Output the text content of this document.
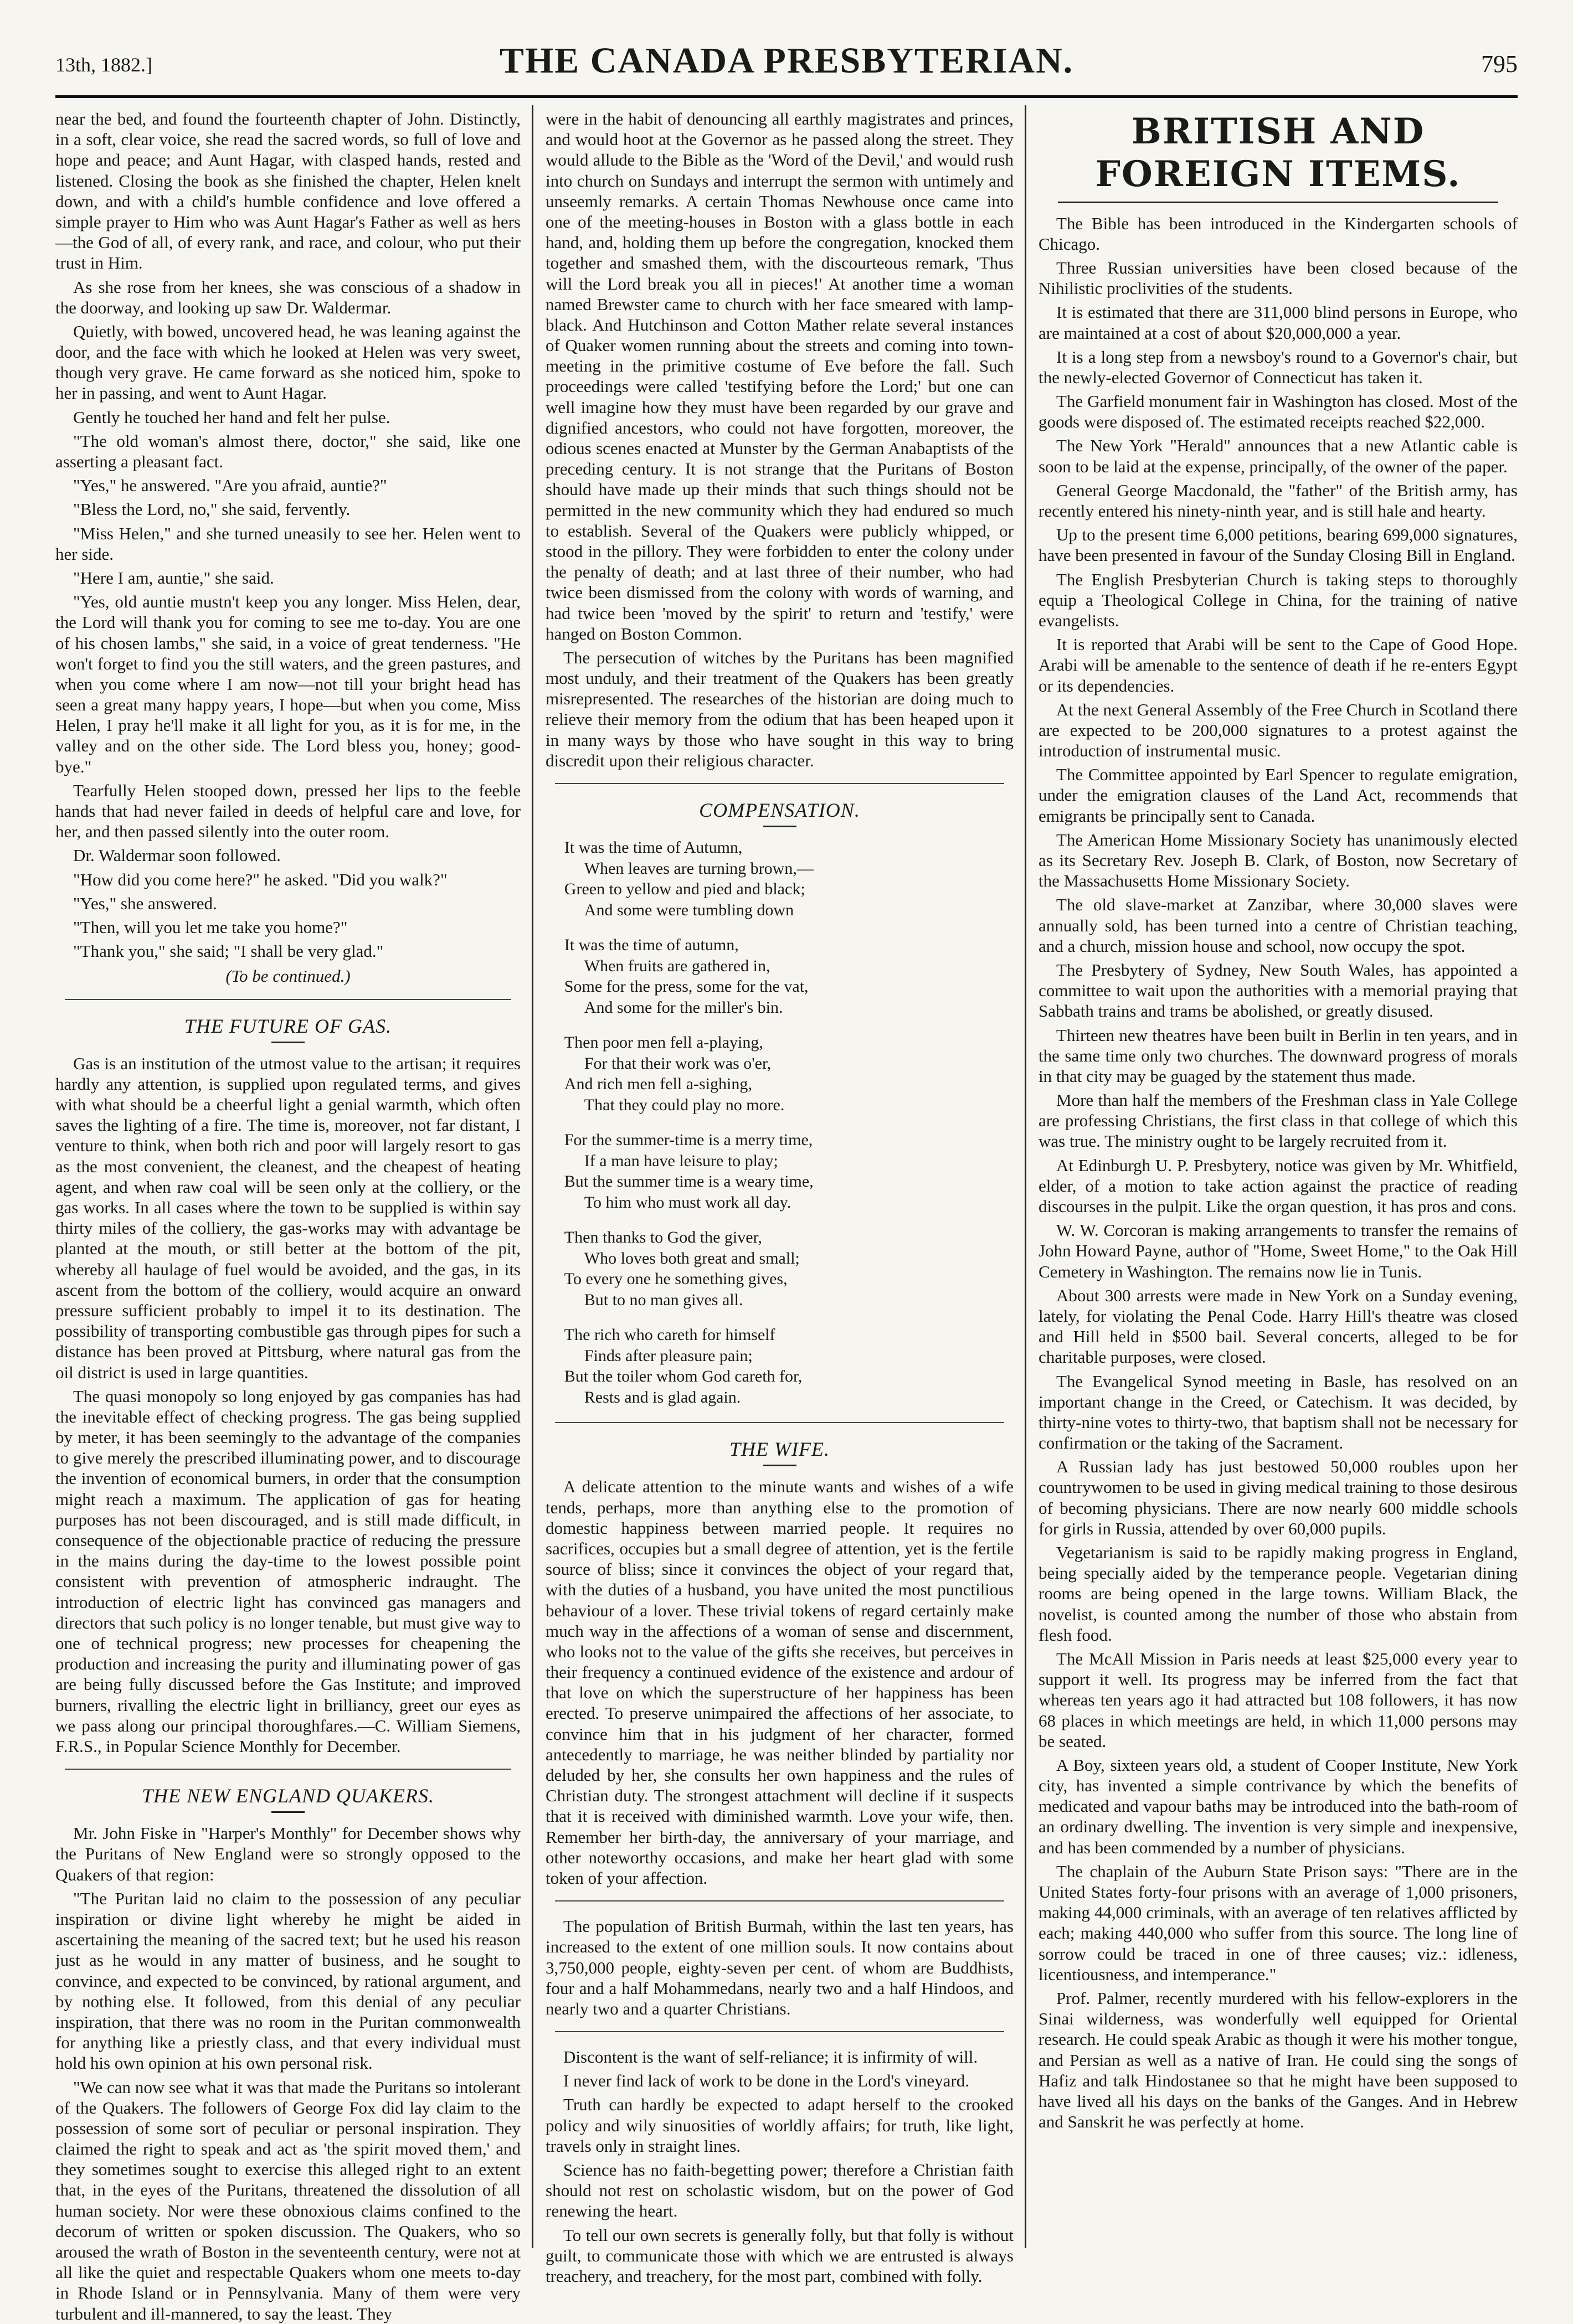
13th, 1882.]	THE CANADA PRESBYTERIAN.	795

near the bed, and found the fourteenth chapter of John. Distinctly, in a soft, clear voice, she read the sacred words, so full of love and hope and peace; and Aunt Hagar, with clasped hands, rested and listened. Closing the book as she finished the chapter, Helen knelt down, and with a child's humble confidence and love offered a simple prayer to Him who was Aunt Hagar's Father as well as hers—the God of all, of every rank, and race, and colour, who put their trust in Him.

As she rose from her knees, she was conscious of a shadow in the doorway, and looking up saw Dr. Waldermar.

Quietly, with bowed, uncovered head, he was leaning against the door, and the face with which he looked at Helen was very sweet, though very grave. He came forward as she noticed him, spoke to her in passing, and went to Aunt Hagar.

Gently he touched her hand and felt her pulse.

"The old woman's almost there, doctor," she said, like one asserting a pleasant fact.

"Yes," he answered. "Are you afraid, auntie?"

"Bless the Lord, no," she said, fervently.

"Miss Helen," and she turned uneasily to see her. Helen went to her side.

"Here I am, auntie," she said.

"Yes, old auntie mustn't keep you any longer. Miss Helen, dear, the Lord will thank you for coming to see me to-day. You are one of his chosen lambs," she said, in a voice of great tenderness. "He won't forget to find you the still waters, and the green pastures, and when you come where I am now—not till your bright head has seen a great many happy years, I hope—but when you come, Miss Helen, I pray he'll make it all light for you, as it is for me, in the valley and on the other side. The Lord bless you, honey; good-bye."

Tearfully Helen stooped down, pressed her lips to the feeble hands that had never failed in deeds of helpful care and love, for her, and then passed silently into the outer room.

Dr. Waldermar soon followed.

"How did you come here?" he asked. "Did you walk?"

"Yes," she answered.

"Then, will you let me take you home?"

"Thank you," she said; "I shall be very glad."

(To be continued.)

THE FUTURE OF GAS.

Gas is an institution of the utmost value to the artisan; it requires hardly any attention, is supplied upon regulated terms, and gives with what should be a cheerful light a genial warmth, which often saves the lighting of a fire. The time is, moreover, not far distant, I venture to think, when both rich and poor will largely resort to gas as the most convenient, the cleanest, and the cheapest of heating agent, and when raw coal will be seen only at the colliery, or the gas works. In all cases where the town to be supplied is within say thirty miles of the colliery, the gas-works may with advantage be planted at the mouth, or still better at the bottom of the pit, whereby all haulage of fuel would be avoided, and the gas, in its ascent from the bottom of the colliery, would acquire an onward pressure sufficient probably to impel it to its destination. The possibility of transporting combustible gas through pipes for such a distance has been proved at Pittsburg, where natural gas from the oil district is used in large quantities.

The quasi monopoly so long enjoyed by gas companies has had the inevitable effect of checking progress. The gas being supplied by meter, it has been seemingly to the advantage of the companies to give merely the prescribed illuminating power, and to discourage the invention of economical burners, in order that the consumption might reach a maximum. The application of gas for heating purposes has not been discouraged, and is still made difficult, in consequence of the objectionable practice of reducing the pressure in the mains during the day-time to the lowest possible point consistent with prevention of atmospheric indraught. The introduction of electric light has convinced gas managers and directors that such policy is no longer tenable, but must give way to one of technical progress; new processes for cheapening the production and increasing the purity and illuminating power of gas are being fully discussed before the Gas Institute; and improved burners, rivalling the electric light in brilliancy, greet our eyes as we pass along our principal thoroughfares.—C. William Siemens, F.R.S., in Popular Science Monthly for December.

THE NEW ENGLAND QUAKERS.

Mr. John Fiske in "Harper's Monthly" for December shows why the Puritans of New England were so strongly opposed to the Quakers of that region:

"The Puritan laid no claim to the possession of any peculiar inspiration or divine light whereby he might be aided in ascertaining the meaning of the sacred text; but he used his reason just as he would in any matter of business, and he sought to convince, and expected to be convinced, by rational argument, and by nothing else. It followed, from this denial of any peculiar inspiration, that there was no room in the Puritan commonwealth for anything like a priestly class, and that every individual must hold his own opinion at his own personal risk.

"We can now see what it was that made the Puritans so intolerant of the Quakers. The followers of George Fox did lay claim to the possession of some sort of peculiar or personal inspiration. They claimed the right to speak and act as 'the spirit moved them,' and they sometimes sought to exercise this alleged right to an extent that, in the eyes of the Puritans, threatened the dissolution of all human society. Nor were these obnoxious claims confined to the decorum of written or spoken discussion. The Quakers, who so aroused the wrath of Boston in the seventeenth century, were not at all like the quiet and respectable Quakers whom one meets to-day in Rhode Island or in Pennsylvania. Many of them were very turbulent and ill-mannered, to say the least. They

were in the habit of denouncing all earthly magistrates and princes, and would hoot at the Governor as he passed along the street. They would allude to the Bible as the 'Word of the Devil,' and would rush into church on Sundays and interrupt the sermon with untimely and unseemly remarks. A certain Thomas Newhouse once came into one of the meeting-houses in Boston with a glass bottle in each hand, and, holding them up before the congregation, knocked them together and smashed them, with the discourteous remark, 'Thus will the Lord break you all in pieces!' At another time a woman named Brewster came to church with her face smeared with lamp-black. And Hutchinson and Cotton Mather relate several instances of Quaker women running about the streets and coming into town-meeting in the primitive costume of Eve before the fall. Such proceedings were called 'testifying before the Lord;' but one can well imagine how they must have been regarded by our grave and dignified ancestors, who could not have forgotten, moreover, the odious scenes enacted at Munster by the German Anabaptists of the preceding century. It is not strange that the Puritans of Boston should have made up their minds that such things should not be permitted in the new community which they had endured so much to establish. Several of the Quakers were publicly whipped, or stood in the pillory. They were forbidden to enter the colony under the penalty of death; and at last three of their number, who had twice been dismissed from the colony with words of warning, and had twice been 'moved by the spirit' to return and 'testify,' were hanged on Boston Common.

The persecution of witches by the Puritans has been magnified most unduly, and their treatment of the Quakers has been greatly misrepresented. The researches of the historian are doing much to relieve their memory from the odium that has been heaped upon it in many ways by those who have sought in this way to bring discredit upon their religious character.

COMPENSATION.
It was the time of Autumn,
When leaves are turning brown,—
Green to yellow and pied and black;
And some were tumbling down
It was the time of autumn,
When fruits are gathered in,
Some for the press, some for the vat,
And some for the miller's bin.
Then poor men fell a-playing,
For that their work was o'er,
And rich men fell a-sighing,
That they could play no more.
For the summer-time is a merry time,
If a man have leisure to play;
But the summer time is a weary time,
To him who must work all day.
Then thanks to God the giver,
Who loves both great and small;
To every one he something gives,
But to no man gives all.
The rich who careth for himself
Finds after pleasure pain;
But the toiler whom God careth for,
Rests and is glad again.
THE WIFE.

A delicate attention to the minute wants and wishes of a wife tends, perhaps, more than anything else to the promotion of domestic happiness between married people. It requires no sacrifices, occupies but a small degree of attention, yet is the fertile source of bliss; since it convinces the object of your regard that, with the duties of a husband, you have united the most punctilious behaviour of a lover. These trivial tokens of regard certainly make much way in the affections of a woman of sense and discernment, who looks not to the value of the gifts she receives, but perceives in their frequency a continued evidence of the existence and ardour of that love on which the superstructure of her happiness has been erected. To preserve unimpaired the affections of her associate, to convince him that in his judgment of her character, formed antecedently to marriage, he was neither blinded by partiality nor deluded by her, she consults her own happiness and the rules of Christian duty. The strongest attachment will decline if it suspects that it is received with diminished warmth. Love your wife, then. Remember her birth-day, the anniversary of your marriage, and other noteworthy occasions, and make her heart glad with some token of your affection.

The population of British Burmah, within the last ten years, has increased to the extent of one million souls. It now contains about 3,750,000 people, eighty-seven per cent. of whom are Buddhists, four and a half Mohammedans, nearly two and a half Hindoos, and nearly two and a quarter Christians.

Discontent is the want of self-reliance; it is infirmity of will.

I never find lack of work to be done in the Lord's vineyard.

Truth can hardly be expected to adapt herself to the crooked policy and wily sinuosities of worldly affairs; for truth, like light, travels only in straight lines.

Science has no faith-begetting power; therefore a Christian faith should not rest on scholastic wisdom, but on the power of God renewing the heart.

To tell our own secrets is generally folly, but that folly is without guilt, to communicate those with which we are entrusted is always treachery, and treachery, for the most part, combined with folly.

BRITISH AND FOREIGN ITEMS.

The Bible has been introduced in the Kindergarten schools of Chicago.

Three Russian universities have been closed because of the Nihilistic proclivities of the students.

It is estimated that there are 311,000 blind persons in Europe, who are maintained at a cost of about $20,000,000 a year.

It is a long step from a newsboy's round to a Governor's chair, but the newly-elected Governor of Connecticut has taken it.

The Garfield monument fair in Washington has closed. Most of the goods were disposed of. The estimated receipts reached $22,000.

The New York "Herald" announces that a new Atlantic cable is soon to be laid at the expense, principally, of the owner of the paper.

General George Macdonald, the "father" of the British army, has recently entered his ninety-ninth year, and is still hale and hearty.

Up to the present time 6,000 petitions, bearing 699,000 signatures, have been presented in favour of the Sunday Closing Bill in England.

The English Presbyterian Church is taking steps to thoroughly equip a Theological College in China, for the training of native evangelists.

It is reported that Arabi will be sent to the Cape of Good Hope. Arabi will be amenable to the sentence of death if he re-enters Egypt or its dependencies.

At the next General Assembly of the Free Church in Scotland there are expected to be 200,000 signatures to a protest against the introduction of instrumental music.

The Committee appointed by Earl Spencer to regulate emigration, under the emigration clauses of the Land Act, recommends that emigrants be principally sent to Canada.

The American Home Missionary Society has unanimously elected as its Secretary Rev. Joseph B. Clark, of Boston, now Secretary of the Massachusetts Home Missionary Society.

The old slave-market at Zanzibar, where 30,000 slaves were annually sold, has been turned into a centre of Christian teaching, and a church, mission house and school, now occupy the spot.

The Presbytery of Sydney, New South Wales, has appointed a committee to wait upon the authorities with a memorial praying that Sabbath trains and trams be abolished, or greatly disused.

Thirteen new theatres have been built in Berlin in ten years, and in the same time only two churches. The downward progress of morals in that city may be guaged by the statement thus made.

More than half the members of the Freshman class in Yale College are professing Christians, the first class in that college of which this was true. The ministry ought to be largely recruited from it.

At Edinburgh U. P. Presbytery, notice was given by Mr. Whitfield, elder, of a motion to take action against the practice of reading discourses in the pulpit. Like the organ question, it has pros and cons.

W. W. Corcoran is making arrangements to transfer the remains of John Howard Payne, author of "Home, Sweet Home," to the Oak Hill Cemetery in Washington. The remains now lie in Tunis.

About 300 arrests were made in New York on a Sunday evening, lately, for violating the Penal Code. Harry Hill's theatre was closed and Hill held in $500 bail. Several concerts, alleged to be for charitable purposes, were closed.

The Evangelical Synod meeting in Basle, has resolved on an important change in the Creed, or Catechism. It was decided, by thirty-nine votes to thirty-two, that baptism shall not be necessary for confirmation or the taking of the Sacrament.

A Russian lady has just bestowed 50,000 roubles upon her countrywomen to be used in giving medical training to those desirous of becoming physicians. There are now nearly 600 middle schools for girls in Russia, attended by over 60,000 pupils.

Vegetarianism is said to be rapidly making progress in England, being specially aided by the temperance people. Vegetarian dining rooms are being opened in the large towns. William Black, the novelist, is counted among the number of those who abstain from flesh food.

The McAll Mission in Paris needs at least $25,000 every year to support it well. Its progress may be inferred from the fact that whereas ten years ago it had attracted but 108 followers, it has now 68 places in which meetings are held, in which 11,000 persons may be seated.

A Boy, sixteen years old, a student of Cooper Institute, New York city, has invented a simple contrivance by which the benefits of medicated and vapour baths may be introduced into the bath-room of an ordinary dwelling. The invention is very simple and inexpensive, and has been commended by a number of physicians.

The chaplain of the Auburn State Prison says: "There are in the United States forty-four prisons with an average of 1,000 prisoners, making 44,000 criminals, with an average of ten relatives afflicted by each; making 440,000 who suffer from this source. The long line of sorrow could be traced in one of three causes; viz.: idleness, licentiousness, and intemperance."

Prof. Palmer, recently murdered with his fellow-explorers in the Sinai wilderness, was wonderfully well equipped for Oriental research. He could speak Arabic as though it were his mother tongue, and Persian as well as a native of Iran. He could sing the songs of Hafiz and talk Hindostanee so that he might have been supposed to have lived all his days on the banks of the Ganges. And in Hebrew and Sanskrit he was perfectly at home.
